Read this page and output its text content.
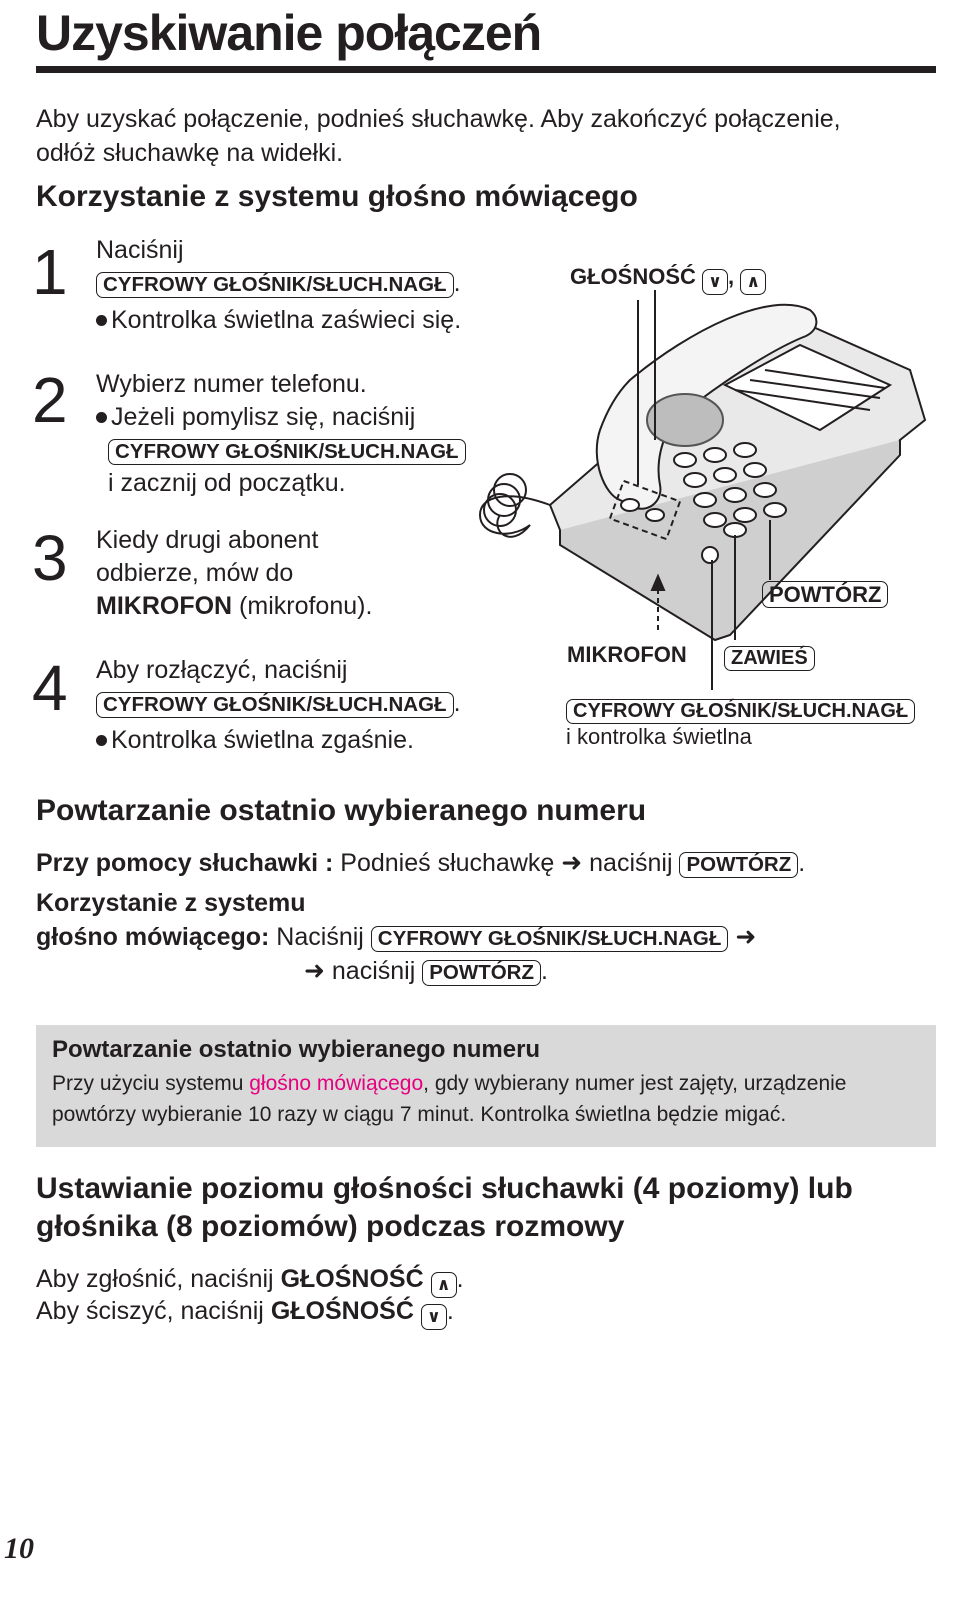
Uzyskiwanie połączeń
Aby uzyskać połączenie, podnieś słuchawkę. Aby zakończyć połączenie,
odłóż słuchawkę na widełki.
Korzystanie z systemu głośno mówiącego
1 Naciśnij
CYFROWY GŁOŚNIK/SŁUCH.NAGŁ .
Kontrolka świetlna zaświeci się.
2 Wybierz numer telefonu.
Jeżeli pomylisz się, naciśnij
CYFROWY GŁOŚNIK/SŁUCH.NAGŁ
i zacznij od początku.
3 Kiedy drugi abonent
odbierze, mów do
MIKROFON (mikrofonu).
4 Aby rozłączyć, naciśnij
CYFROWY GŁOŚNIK/SŁUCH.NAGŁ .
Kontrolka świetlna zgaśnie.
GŁOŚNOŚĆ ∨ , ∧
POWTÓRZ
MIKROFON	ZAWIEŚ
CYFROWY GŁOŚNIK/SŁUCH.NAGŁ
i kontrolka świetlna
Powtarzanie ostatnio wybieranego numeru
Przy pomocy słuchawki : Podnieś słuchawkę ➜ naciśnij POWTÓRZ .
Korzystanie z systemu
głośno mówiącego: Naciśnij CYFROWY GŁOŚNIK/SŁUCH.NAGŁ ➜
➜ naciśnij POWTÓRZ .
Powtarzanie ostatnio wybieranego numeru
Przy użyciu systemu głośno mówiącego, gdy wybierany numer jest zajęty, urządzenie
powtórzy wybieranie 10 razy w ciągu 7 minut. Kontrolka świetlna będzie migać.
Ustawianie poziomu głośności słuchawki (4 poziomy) lub
głośnika (8 poziomów) podczas rozmowy
Aby zgłośnić, naciśnij GŁOŚNOŚĆ ∧ .
Aby ściszyć, naciśnij GŁOŚNOŚĆ ∨ .
10
